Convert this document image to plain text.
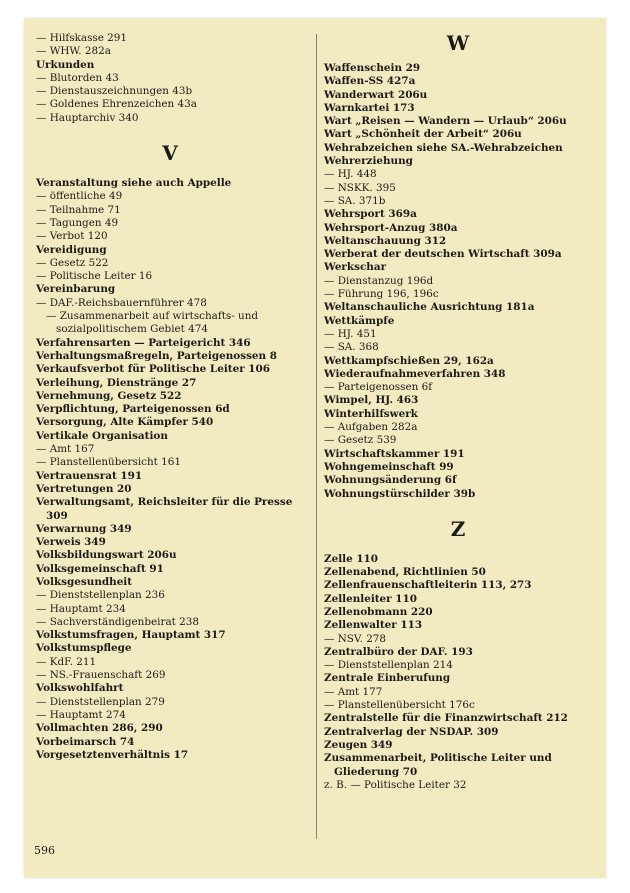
— Hilfskasse 291
— WHW. 282a
Urkunden
— Blutorden 43
— Dienstauszeichnungen 43b
— Goldenes Ehrenzeichen 43a
— Hauptarchiv 340
V
Veranstaltung siehe auch Appelle
— öffentliche 49
— Teilnahme 71
— Tagungen 49
— Verbot 120
Vereidigung
— Gesetz 522
— Politische Leiter 16
Vereinbarung
— DAF.-Reichsbauernführer 478
— Zusammenarbeit auf wirtschafts- und sozialpolitischem Gebiet 474
Verfahrensarten — Parteigericht 346
Verhaltungsmaßregeln, Parteigenossen 8
Verkaufsverbot für Politische Leiter 106
Verleihung, Dienstränge 27
Vernehmung, Gesetz 522
Verpflichtung, Parteigenossen 6d
Versorgung, Alte Kämpfer 540
Vertikale Organisation
— Amt 167
— Planstellenübersicht 161
Vertrauensrat 191
Vertretungen 20
Verwaltungsamt, Reichsleiter für die Presse 309
Verwarnung 349
Verweis 349
Volksbildungswart 206u
Volksgemeinschaft 91
Volksgesundheit
— Dienststellenplan 236
— Hauptamt 234
— Sachverständigenbeirat 238
Volkstumsfragen, Hauptamt 317
Volkstumspflege
— KdF. 211
— NS.-Frauenschaft 269
Volkswohlfahrt
— Dienststellenplan 279
— Hauptamt 274
Vollmachten 286, 290
Vorbeimarsch 74
Vorgesetztenverhältnis 17
W
Waffenschein 29
Waffen-SS 427a
Wanderwart 206u
Warnkartei 173
Wart „Reisen — Wandern — Urlaub“ 206u
Wart „Schönheit der Arbeit“ 206u
Wehrabzeichen siehe SA.-Wehrabzeichen
Wehrerziehung
— HJ. 448
— NSKK. 395
— SA. 371b
Wehrsport 369a
Wehrsport-Anzug 380a
Weltanschauung 312
Werberat der deutschen Wirtschaft 309a
Werkschar
— Dienstanzug 196d
— Führung 196, 196c
Weltanschauliche Ausrichtung 181a
Wettkämpfe
— HJ. 451
— SA. 368
Wettkampfschießen 29, 162a
Wiederaufnahmeverfahren 348
— Parteigenossen 6f
Wimpel, HJ. 463
Winterhilfswerk
— Aufgaben 282a
— Gesetz 539
Wirtschaftskammer 191
Wohngemeinschaft 99
Wohnungsänderung 6f
Wohnungstürschilder 39b
Z
Zelle 110
Zellenabend, Richtlinien 50
Zellenfrauenschaftleiterin 113, 273
Zellenleiter 110
Zellenobmann 220
Zellenwalter 113
— NSV. 278
Zentralbüro der DAF. 193
— Dienststellenplan 214
Zentrale Einberufung
— Amt 177
— Planstellenübersicht 176c
Zentralstelle für die Finanzwirtschaft 212
Zentralverlag der NSDAP. 309
Zeugen 349
Zusammenarbeit, Politische Leiter und Gliederung 70
z. B. — Politische Leiter 32
596
